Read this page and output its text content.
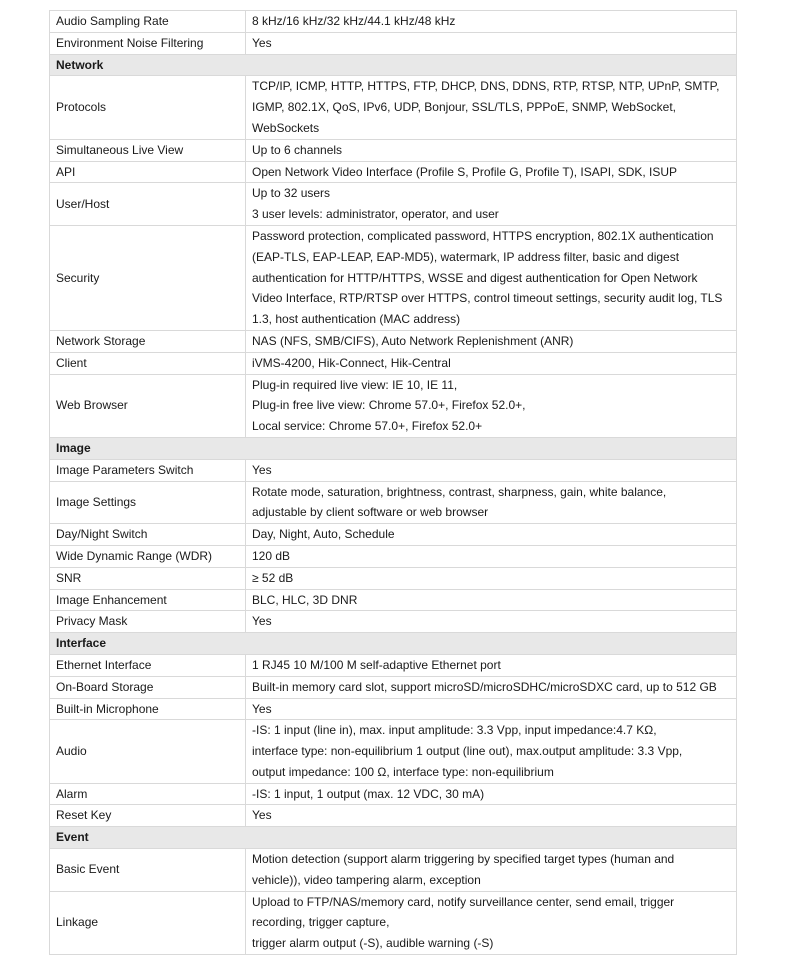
Audio Sampling Rate	8 kHz/16 kHz/32 kHz/44.1 kHz/48 kHz

Environment Noise Filtering	Yes

Network	
Protocols	TCP/IP, ICMP, HTTP, HTTPS, FTP, DHCP, DNS, DDNS, RTP, RTSP, NTP, UPnP, SMTP,
IGMP, 802.1X, QoS, IPv6, UDP, Bonjour, SSL/TLS, PPPoE, SNMP, WebSocket,
WebSockets

Simultaneous Live View	Up to 6 channels

API	Open Network Video Interface (Profile S, Profile G, Profile T), ISAPI, SDK, ISUP

User/Host	Up to 32 users
3 user levels: administrator, operator, and user

Security	Password protection, complicated password, HTTPS encryption, 802.1X authentication
(EAP-TLS, EAP-LEAP, EAP-MD5), watermark, IP address filter, basic and digest
authentication for HTTP/HTTPS, WSSE and digest authentication for Open Network
Video Interface, RTP/RTSP over HTTPS, control timeout settings, security audit log, TLS
1.3, host authentication (MAC address)

Network Storage	NAS (NFS, SMB/CIFS), Auto Network Replenishment (ANR)

Client	iVMS-4200, Hik-Connect, Hik-Central

Web Browser	Plug-in required live view: IE 10, IE 11,
Plug-in free live view: Chrome 57.0+, Firefox 52.0+,
Local service: Chrome 57.0+, Firefox 52.0+

Image	
Image Parameters Switch	Yes

Image Settings	Rotate mode, saturation, brightness, contrast, sharpness, gain, white balance,
adjustable by client software or web browser

Day/Night Switch	Day, Night, Auto, Schedule

Wide Dynamic Range (WDR)	120 dB

SNR	≥ 52 dB

Image Enhancement	BLC, HLC, 3D DNR

Privacy Mask	Yes

Interface	
Ethernet Interface	1 RJ45 10 M/100 M self-adaptive Ethernet port

On-Board Storage	Built-in memory card slot, support microSD/microSDHC/microSDXC card, up to 512 GB

Built-in Microphone	Yes

Audio	-IS: 1 input (line in), max. input amplitude: 3.3 Vpp, input impedance:4.7 KΩ,
interface type: non-equilibrium 1 output (line out), max.output amplitude: 3.3 Vpp,
output impedance: 100 Ω, interface type: non-equilibrium

Alarm	-IS: 1 input, 1 output (max. 12 VDC, 30 mA)

Reset Key	Yes

Event	
Basic Event	Motion detection (support alarm triggering by specified target types (human and
vehicle)), video tampering alarm, exception

Linkage	Upload to FTP/NAS/memory card, notify surveillance center, send email, trigger
recording, trigger capture,
trigger alarm output (-S), audible warning (-S)
